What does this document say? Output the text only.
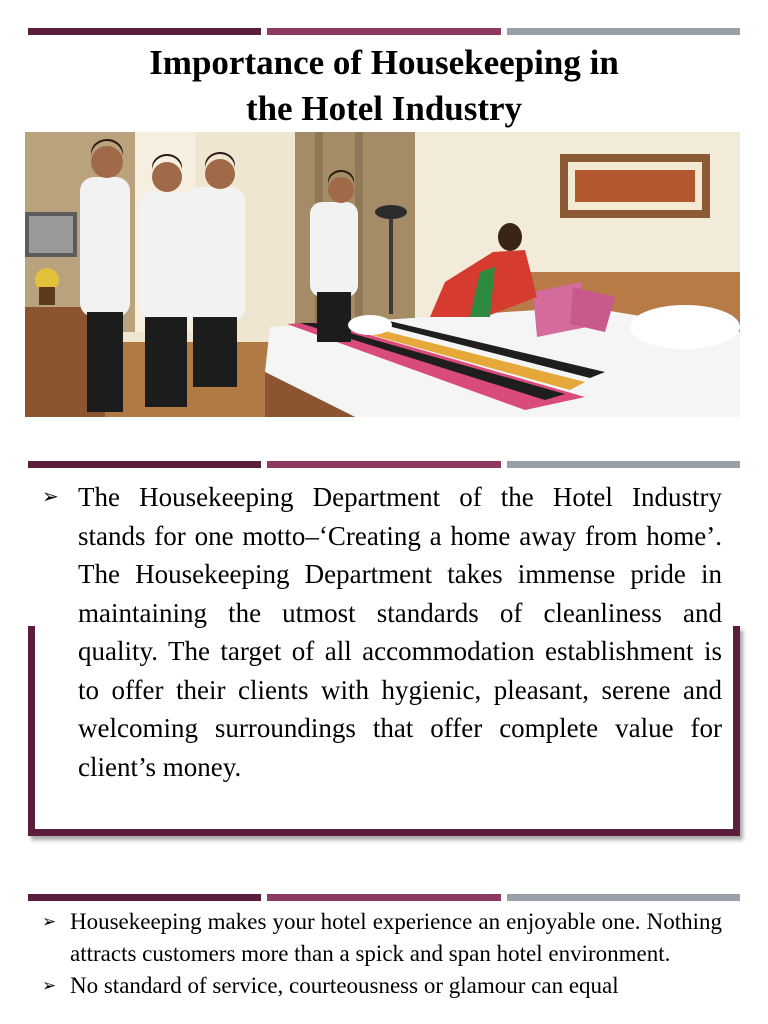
Importance of Housekeeping in
the Hotel Industry
➢ The Housekeeping Department of the Hotel Industry stands for one motto–‘Creating a home away from home’. The Housekeeping Department takes immense pride in maintaining the utmost standards of cleanliness and quality. The target of all accommodation establishment is to offer their clients with hygienic, pleasant, serene and welcoming surroundings that offer complete value for client’s money.
➢ Housekeeping makes your hotel experience an enjoyable one. Nothing attracts customers more than a spick and span hotel environment.
➢ No standard of service, courteousness or glamour can equal
